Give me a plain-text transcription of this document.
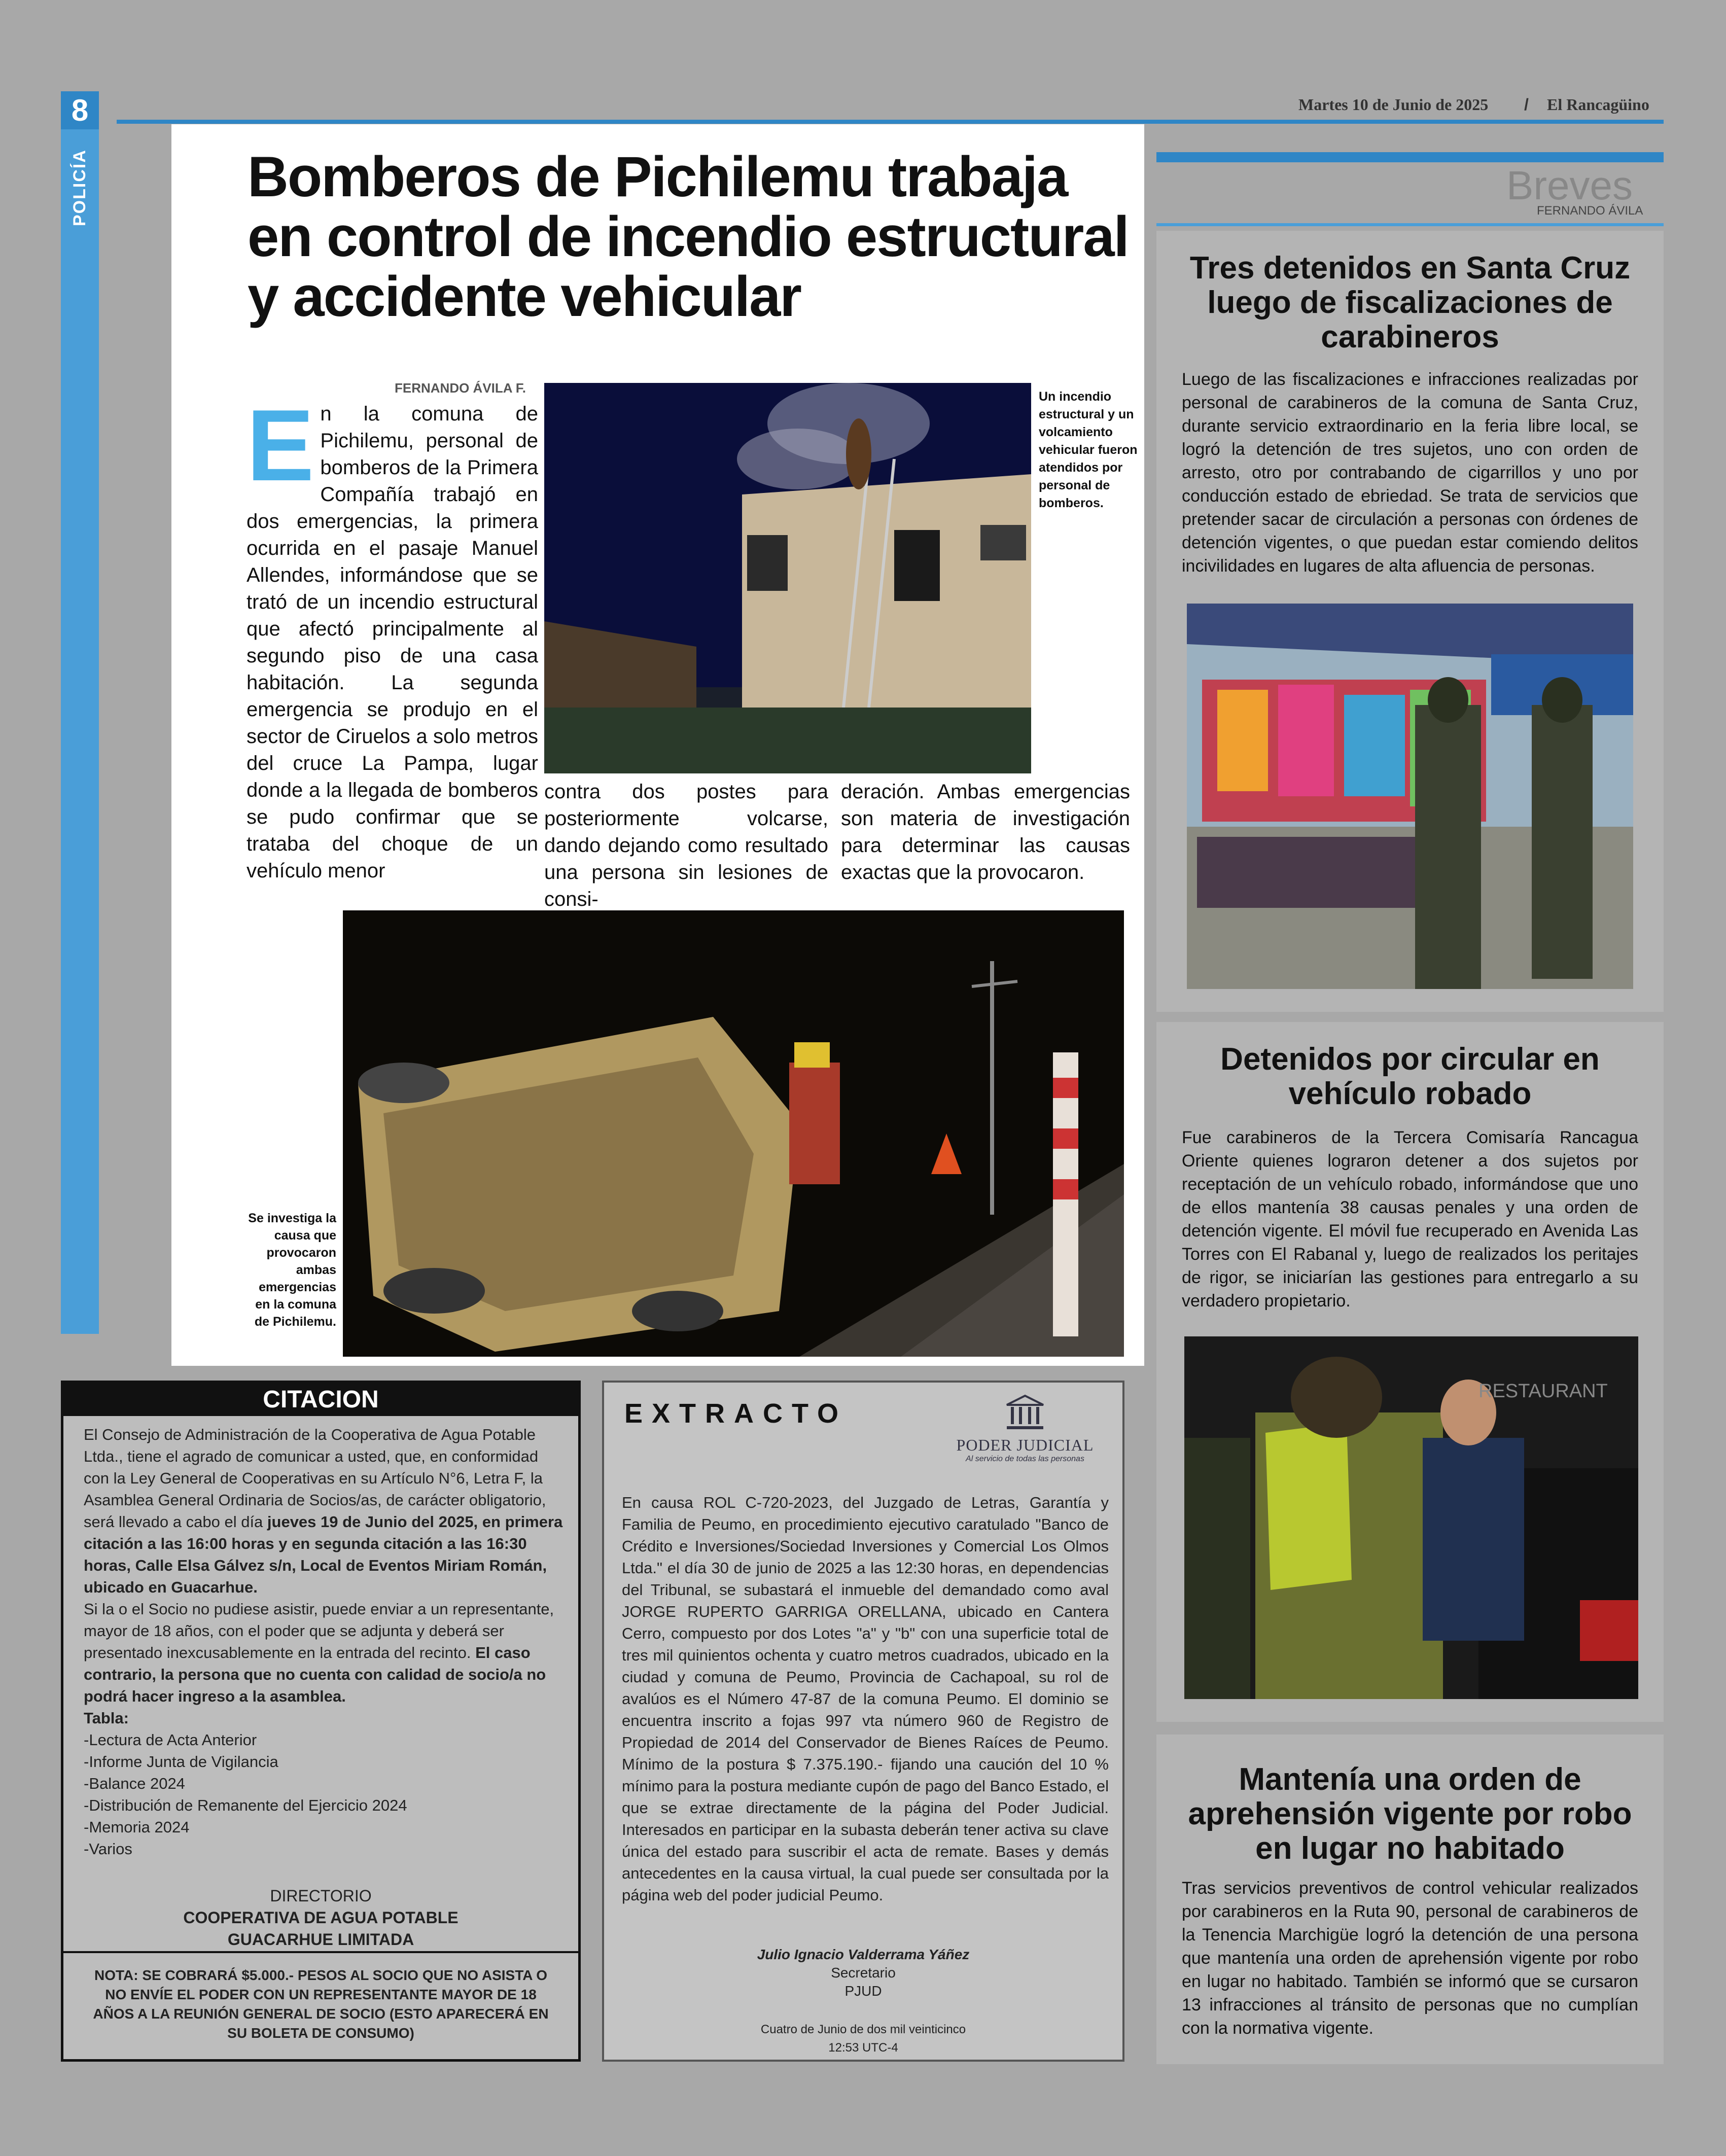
8
POLICÍA
Martes 10 de Junio de 2025 / El Rancagüino
Bomberos de Pichilemu trabaja en control de incendio estructural y accidente vehicular
FERNANDO ÁVILA F.
En la comuna de Pichilemu, personal de bomberos de la Primera Compañía trabajó en dos emergencias, la primera ocurrida en el pasaje Manuel Allendes, informándose que se trató de un incendio estructural que afectó principalmente al segundo piso de una casa habitación. La segunda emergencia se produjo en el sector de Ciruelos a solo metros del cruce La Pampa, lugar donde a la llegada de bomberos se pudo confirmar que se trataba del choque de un vehículo menor
contra dos postes para posteriormente volcarse, dando dejando como resultado una persona sin lesiones de consi-
deración. Ambas emergencias son materia de investigación para determinar las causas exactas que la provocaron.
Un incendio estructural y un volcamiento vehicular fueron atendidos por personal de bomberos.
Se investiga la causa que provocaron ambas emergencias en la comuna de Pichilemu.
Breves
FERNANDO ÁVILA
Tres detenidos en Santa Cruz luego de fiscalizaciones de carabineros

Luego de las fiscalizaciones e infracciones realizadas por personal de carabineros de la comuna de Santa Cruz, durante servicio extraordinario en la feria libre local, se logró la detención de tres sujetos, uno con orden de arresto, otro por contrabando de cigarrillos y uno por conducción estado de ebriedad. Se trata de servicios que pretender sacar de circulación a personas con órdenes de detención vigentes, o que puedan estar comiendo delitos incivilidades en lugares de alta afluencia de personas.

Detenidos por circular en vehículo robado

Fue carabineros de la Tercera Comisaría Rancagua Oriente quienes lograron detener a dos sujetos por receptación de un vehículo robado, informándose que uno de ellos mantenía 38 causas penales y una orden de detención vigente. El móvil fue recuperado en Avenida Las Torres con El Rabanal y, luego de realizados los peritajes de rigor, se iniciarían las gestiones para entregarlo a su verdadero propietario.

RESTAURANT
Mantenía una orden de aprehensión vigente por robo en lugar no habitado

Tras servicios preventivos de control vehicular realizados por carabineros en la Ruta 90, personal de carabineros de la Tenencia Marchigüe logró la detención de una persona que mantenía una orden de aprehensión vigente por robo en lugar no habitado. También se informó que se cursaron 13 infracciones al tránsito de personas que no cumplían con la normativa vigente.

CITACION
El Consejo de Administración de la Cooperativa de Agua Potable Ltda., tiene el agrado de comunicar a usted, que, en conformidad con la Ley General de Cooperativas en su Artículo N°6, Letra F, la Asamblea General Ordinaria de Socios/as, de carácter obligatorio, será llevado a cabo el día jueves 19 de Junio del 2025, en primera citación a las 16:00 horas y en segunda citación a las 16:30 horas, Calle Elsa Gálvez s/n, Local de Eventos Miriam Román, ubicado en Guacarhue.
Si la o el Socio no pudiese asistir, puede enviar a un representante, mayor de 18 años, con el poder que se adjunta y deberá ser presentado inexcusablemente en la entrada del recinto. El caso contrario, la persona que no cuenta con calidad de socio/a no podrá hacer ingreso a la asamblea.
Tabla:
-Lectura de Acta Anterior
-Informe Junta de Vigilancia
-Balance 2024
-Distribución de Remanente del Ejercicio 2024
-Memoria 2024
-Varios
DIRECTORIO
COOPERATIVA DE AGUA POTABLE
GUACARHUE LIMITADA
NOTA: SE COBRARÁ $5.000.- PESOS AL SOCIO QUE NO ASISTA O NO ENVÍE EL PODER CON UN REPRESENTANTE MAYOR DE 18 AÑOS A LA REUNIÓN GENERAL DE SOCIO (ESTO APARECERÁ EN SU BOLETA DE CONSUMO)
EXTRACTO
PODER JUDICIAL
Al servicio de todas las personas
En causa ROL C-720-2023, del Juzgado de Letras, Garantía y Familia de Peumo, en procedimiento ejecutivo caratulado "Banco de Crédito e Inversiones/Sociedad Inversiones y Comercial Los Olmos Ltda." el día 30 de junio de 2025 a las 12:30 horas, en dependencias del Tribunal, se subastará el inmueble del demandado como aval JORGE RUPERTO GARRIGA ORELLANA, ubicado en Cantera Cerro, compuesto por dos Lotes "a" y "b" con una superficie total de tres mil quinientos ochenta y cuatro metros cuadrados, ubicado en la ciudad y comuna de Peumo, Provincia de Cachapoal, su rol de avalúos es el Número 47-87 de la comuna Peumo. El dominio se encuentra inscrito a fojas 997 vta número 960 de Registro de Propiedad de 2014 del Conservador de Bienes Raíces de Peumo. Mínimo de la postura $ 7.375.190.- fijando una caución del 10 % mínimo para la postura mediante cupón de pago del Banco Estado, el que se extrae directamente de la página del Poder Judicial. Interesados en participar en la subasta deberán tener activa su clave única del estado para suscribir el acta de remate. Bases y demás antecedentes en la causa virtual, la cual puede ser consultada por la página web del poder judicial Peumo.
Julio Ignacio Valderrama Yáñez
Secretario
PJUD
Cuatro de Junio de dos mil veinticinco
12:53 UTC-4
